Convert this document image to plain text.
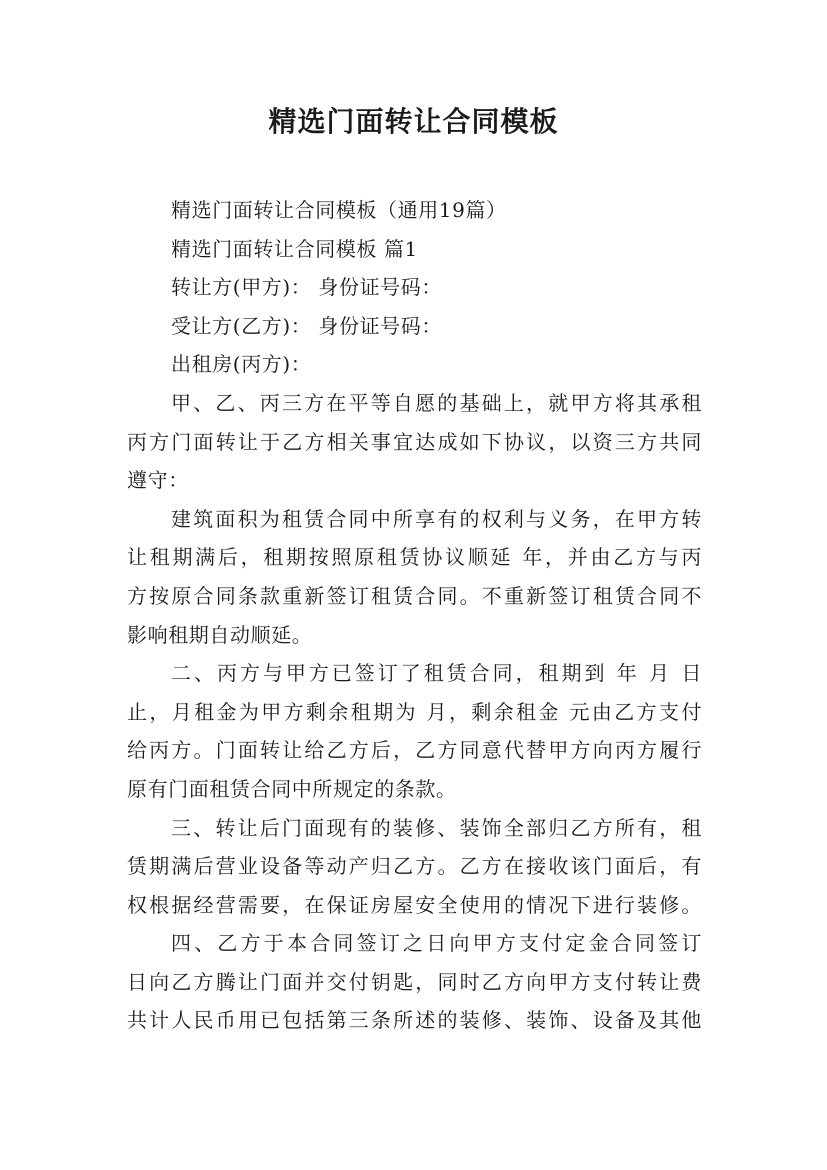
精选门面转让合同模板
精选门面转让合同模板（通用19篇）
精选门面转让合同模板 篇1
转让方(甲方)： 身份证号码：
受让方(乙方)： 身份证号码：
出租房(丙方)：
甲、乙、丙三方在平等自愿的基础上，就甲方将其承租
丙方门面转让于乙方相关事宜达成如下协议，以资三方共同
遵守：
建筑面积为租赁合同中所享有的权利与义务，在甲方转
让租期满后，租期按照原租赁协议顺延 年，并由乙方与丙
方按原合同条款重新签订租赁合同。不重新签订租赁合同不
影响租期自动顺延。
二、丙方与甲方已签订了租赁合同，租期到 年 月 日
止，月租金为甲方剩余租期为 月，剩余租金 元由乙方支付
给丙方。门面转让给乙方后，乙方同意代替甲方向丙方履行
原有门面租赁合同中所规定的条款。
三、转让后门面现有的装修、装饰全部归乙方所有，租
赁期满后营业设备等动产归乙方。乙方在接收该门面后，有
权根据经营需要，在保证房屋安全使用的情况下进行装修。
四、乙方于本合同签订之日向甲方支付定金合同签订
日向乙方腾让门面并交付钥匙，同时乙方向甲方支付转让费
共计人民币用已包括第三条所述的装修、装饰、设备及其他
